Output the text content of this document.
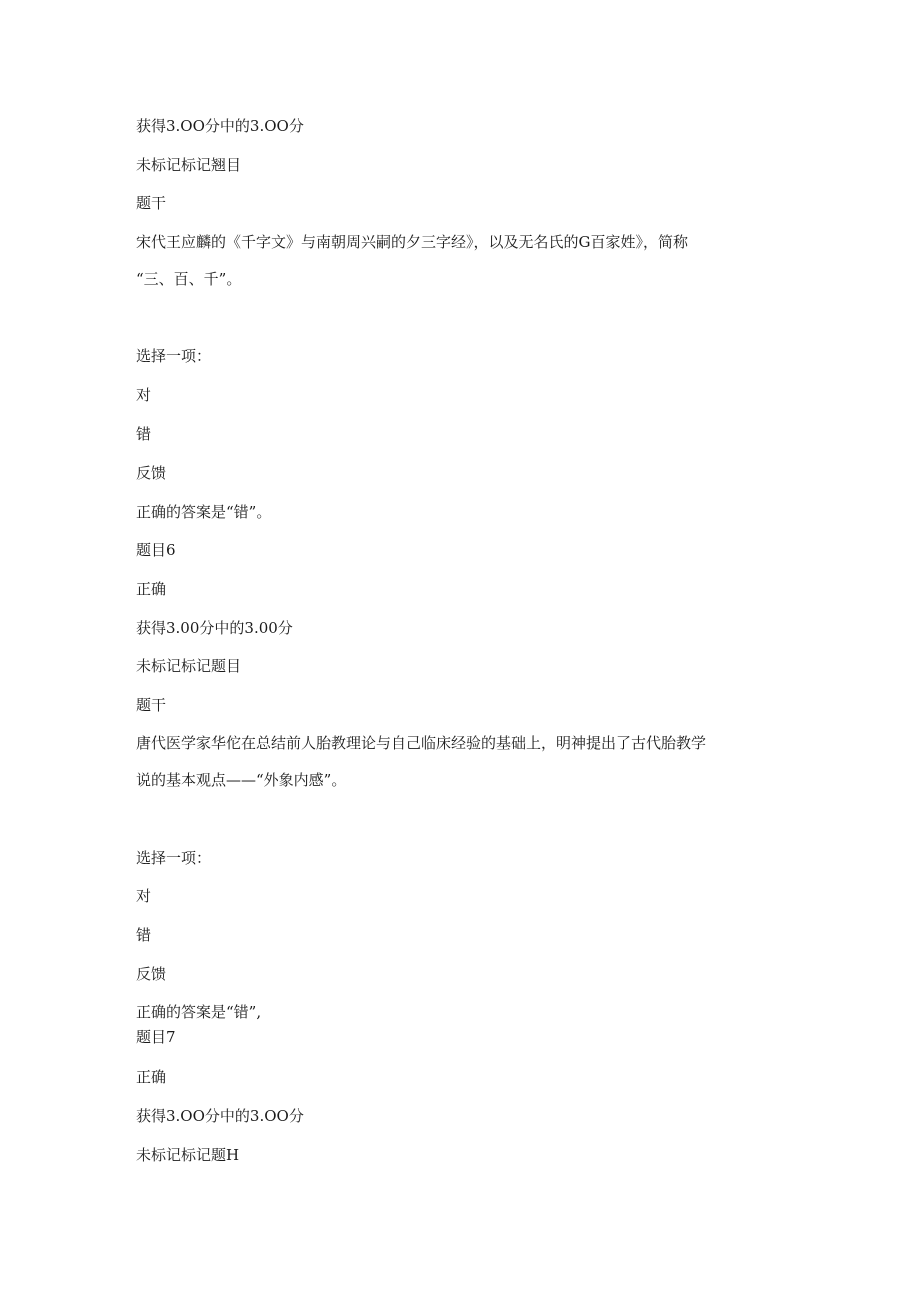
获得3.OO分中的3.OO分
未标记标记翘目
题干
宋代王应麟的《千字文》与南朝周兴嗣的夕三字经》，以及无名氏的G百家姓》，简称
“三、百、千”。
选择一项：
对
错
反馈
正确的答案是“错”。
题目6
正确
获得3.00分中的3.00分
未标记标记题目
题干
唐代医学家华佗在总结前人胎教理论与自己临床经验的基础上，明神提出了古代胎教学
说的基本观点——“外象内感”。
选择一项：
对
错
反馈
正确的答案是“错”,
题目7
正确
获得3.OO分中的3.OO分
未标记标记题H
